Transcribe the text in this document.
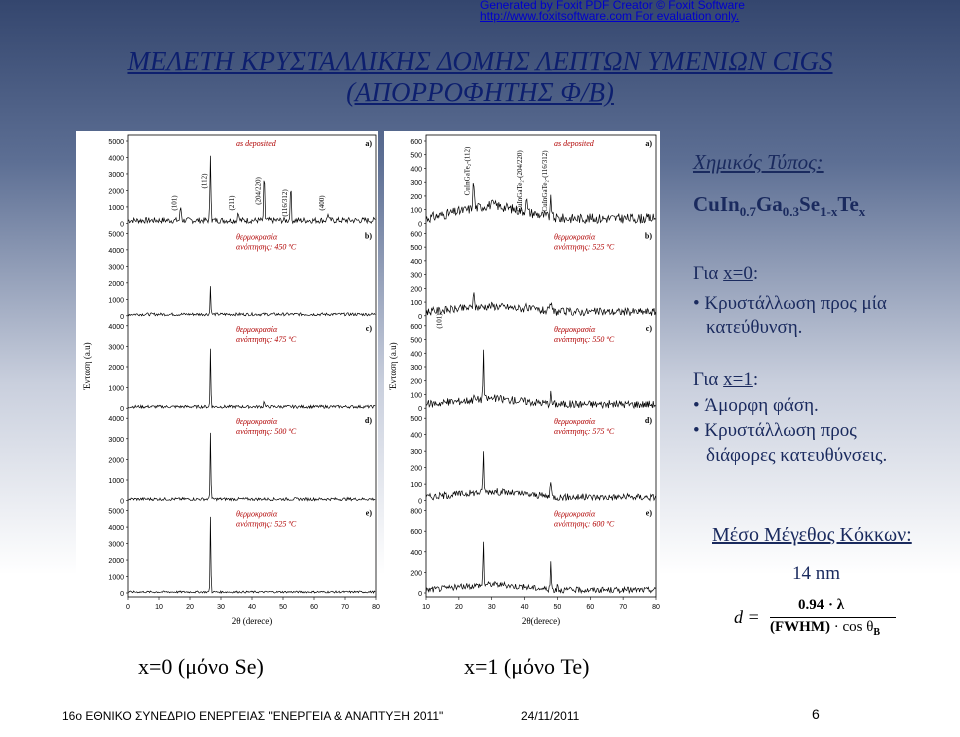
Generated by Foxit PDF Creator © Foxit Software
http://www.foxitsoftware.com For evaluation only.
ΜΕΛΕΤΗ ΚΡΥΣΤΑΛΛΙΚΗΣ ΔΟΜΗΣ ΛΕΠΤΩΝ ΥΜΕΝΙΩΝ CIGS
(ΑΠΟΡΡΟΦΗΤΗΣ Φ/Β)
5000
4000
3000
2000
1000
0
a)
as deposited
5000
4000
3000
2000
1000
0
b)
θερμοκρασία
ανόπτησης: 450 ºC
4000
3000
2000
1000
0
c)
θερμοκρασία
ανόπτησης: 475 ºC
4000
3000
2000
1000
0
d)
θερμοκρασία
ανόπτησης: 500 ºC
5000
4000
3000
2000
1000
0
e)
θερμοκρασία
ανόπτησης: 525 ºC
0	10	20	30	40	50	60	70	80
2θ (derece)
Ένταση (a.u)
(101)
(112)
(211)	(204/220)	(116/312)	(400)
600
500
400
300
200
100
0
a)
as deposited
600
500
400
300
200
100
0
b)
θερμοκρασία
ανόπτησης: 525 ºC
600
500
400
300
200
100
0
c)
θερμοκρασία
ανόπτησης: 550 ºC
500
400
300
200
100
0
d)
θερμοκρασία
ανόπτησης: 575 ºC
800
600
400
200
0
e)
θερμοκρασία
ανόπτησης: 600 ºC
10	20	30	40	50	60	70	80
2θ(derece)
Ένταση (a.u)
CuInGaTe₂-(112)	CuInGaTe₂-(204/220) CuInGaTe₂-(116/312)
(101)
Χημικός Τύπος:
$CuIn_{0.7}Ga_{0.3}Se_{1-x}Te_x$
Για x=0:
• Κρυστάλλωση προς μία
κατεύθυνση.
Για x=1:
• Άμορφη φάση.
• Κρυστάλλωση προς
διάφορες κατευθύνσεις.
Μέσο Μέγεθος Κόκκων:
14 nm
d =
0.94 · λ
(FWHM) · $\cos \theta_B$
x=0 (μόνο Se)	x=1 (μόνο Te)
16ο ΕΘΝΙΚΟ ΣΥΝΕΔΡΙΟ ΕΝΕΡΓΕΙΑΣ "ΕΝΕΡΓΕΙΑ & ΑΝΑΠΤΥΞΗ 2011"	24/11/2011	6
